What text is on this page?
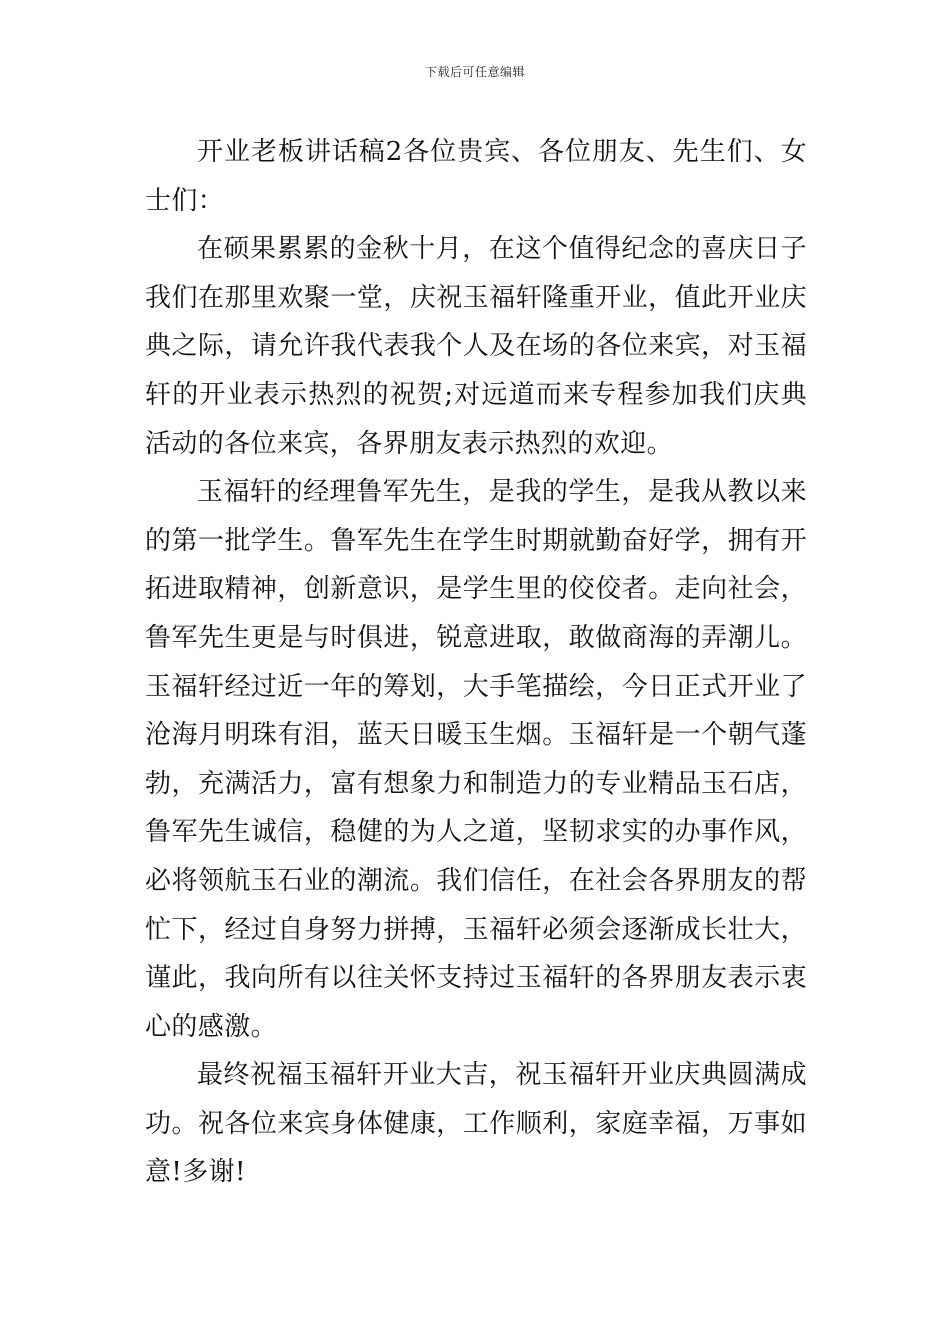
下载后可任意编辑

开业老板讲话稿2各位贵宾、各位朋友、先生们、女士们：

在硕果累累的金秋十月，在这个值得纪念的喜庆日子我们在那里欢聚一堂，庆祝玉福轩隆重开业，值此开业庆典之际，请允许我代表我个人及在场的各位来宾，对玉福轩的开业表示热烈的祝贺;对远道而来专程参加我们庆典活动的各位来宾，各界朋友表示热烈的欢迎。

玉福轩的经理鲁军先生，是我的学生，是我从教以来的第一批学生。鲁军先生在学生时期就勤奋好学，拥有开拓进取精神，创新意识，是学生里的佼佼者。走向社会，鲁军先生更是与时俱进，锐意进取，敢做商海的弄潮儿。玉福轩经过近一年的筹划，大手笔描绘，今日正式开业了沧海月明珠有泪，蓝天日暖玉生烟。玉福轩是一个朝气蓬勃，充满活力，富有想象力和制造力的专业精品玉石店，鲁军先生诚信，稳健的为人之道，坚韧求实的办事作风，必将领航玉石业的潮流。我们信任，在社会各界朋友的帮忙下，经过自身努力拼搏，玉福轩必须会逐渐成长壮大，谨此，我向所有以往关怀支持过玉福轩的各界朋友表示衷心的感激。

最终祝福玉福轩开业大吉，祝玉福轩开业庆典圆满成功。祝各位来宾身体健康，工作顺利，家庭幸福，万事如意!多谢!
